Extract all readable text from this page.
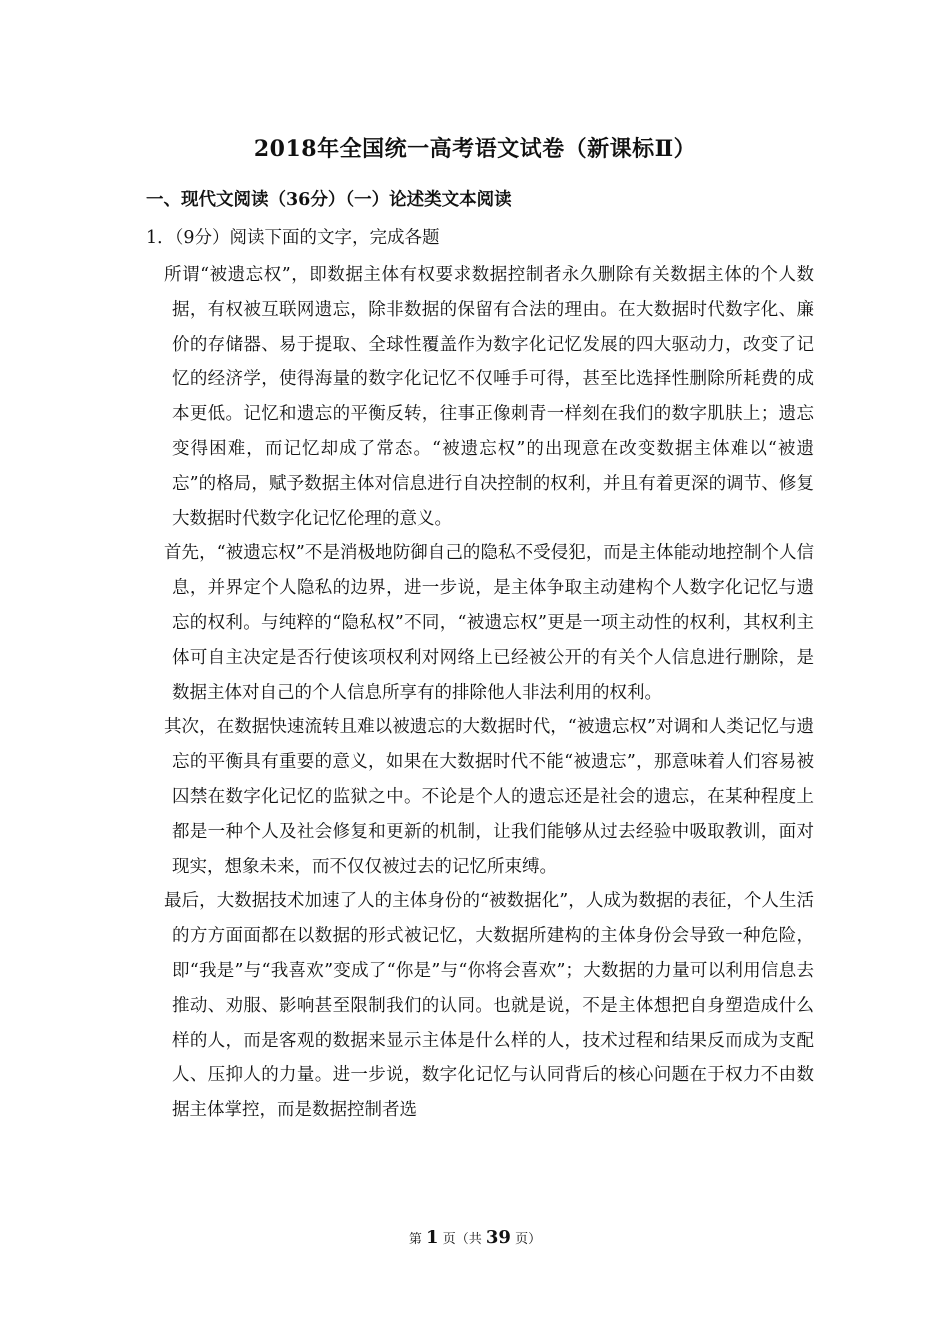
2018年全国统一高考语文试卷（新课标Ⅱ）
一、现代文阅读（36分）（一）论述类文本阅读
1．（9分）阅读下面的文字，完成各题

所谓“被遗忘权”，即数据主体有权要求数据控制者永久删除有关数据主体的个人数据，有权被互联网遗忘，除非数据的保留有合法的理由。在大数据时代数字化、廉价的存储器、易于提取、全球性覆盖作为数字化记忆发展的四大驱动力，改变了记忆的经济学，使得海量的数字化记忆不仅唾手可得，甚至比选择性删除所耗费的成本更低。记忆和遗忘的平衡反转，往事正像刺青一样刻在我们的数字肌肤上；遗忘变得困难，而记忆却成了常态。“被遗忘权”的出现意在改变数据主体难以“被遗忘”的格局，赋予数据主体对信息进行自决控制的权利，并且有着更深的调节、修复大数据时代数字化记忆伦理的意义。

首先，“被遗忘权”不是消极地防御自己的隐私不受侵犯，而是主体能动地控制个人信息，并界定个人隐私的边界，进一步说，是主体争取主动建构个人数字化记忆与遗忘的权利。与纯粹的“隐私权”不同，“被遗忘权”更是一项主动性的权利，其权利主体可自主决定是否行使该项权利对网络上已经被公开的有关个人信息进行删除，是数据主体对自己的个人信息所享有的排除他人非法利用的权利。

其次，在数据快速流转且难以被遗忘的大数据时代，“被遗忘权”对调和人类记忆与遗忘的平衡具有重要的意义，如果在大数据时代不能“被遗忘”，那意味着人们容易被囚禁在数字化记忆的监狱之中。不论是个人的遗忘还是社会的遗忘，在某种程度上都是一种个人及社会修复和更新的机制，让我们能够从过去经验中吸取教训，面对现实，想象未来，而不仅仅被过去的记忆所束缚。

最后，大数据技术加速了人的主体身份的“被数据化”，人成为数据的表征，个人生活的方方面面都在以数据的形式被记忆，大数据所建构的主体身份会导致一种危险，即“我是”与“我喜欢”变成了“你是”与“你将会喜欢”；大数据的力量可以利用信息去推动、劝服、影响甚至限制我们的认同。也就是说，不是主体想把自身塑造成什么样的人，而是客观的数据来显示主体是什么样的人，技术过程和结果反而成为支配人、压抑人的力量。进一步说，数字化记忆与认同背后的核心问题在于权力不由数据主体掌控，而是数据控制者选

第 1 页（共 39 页）
